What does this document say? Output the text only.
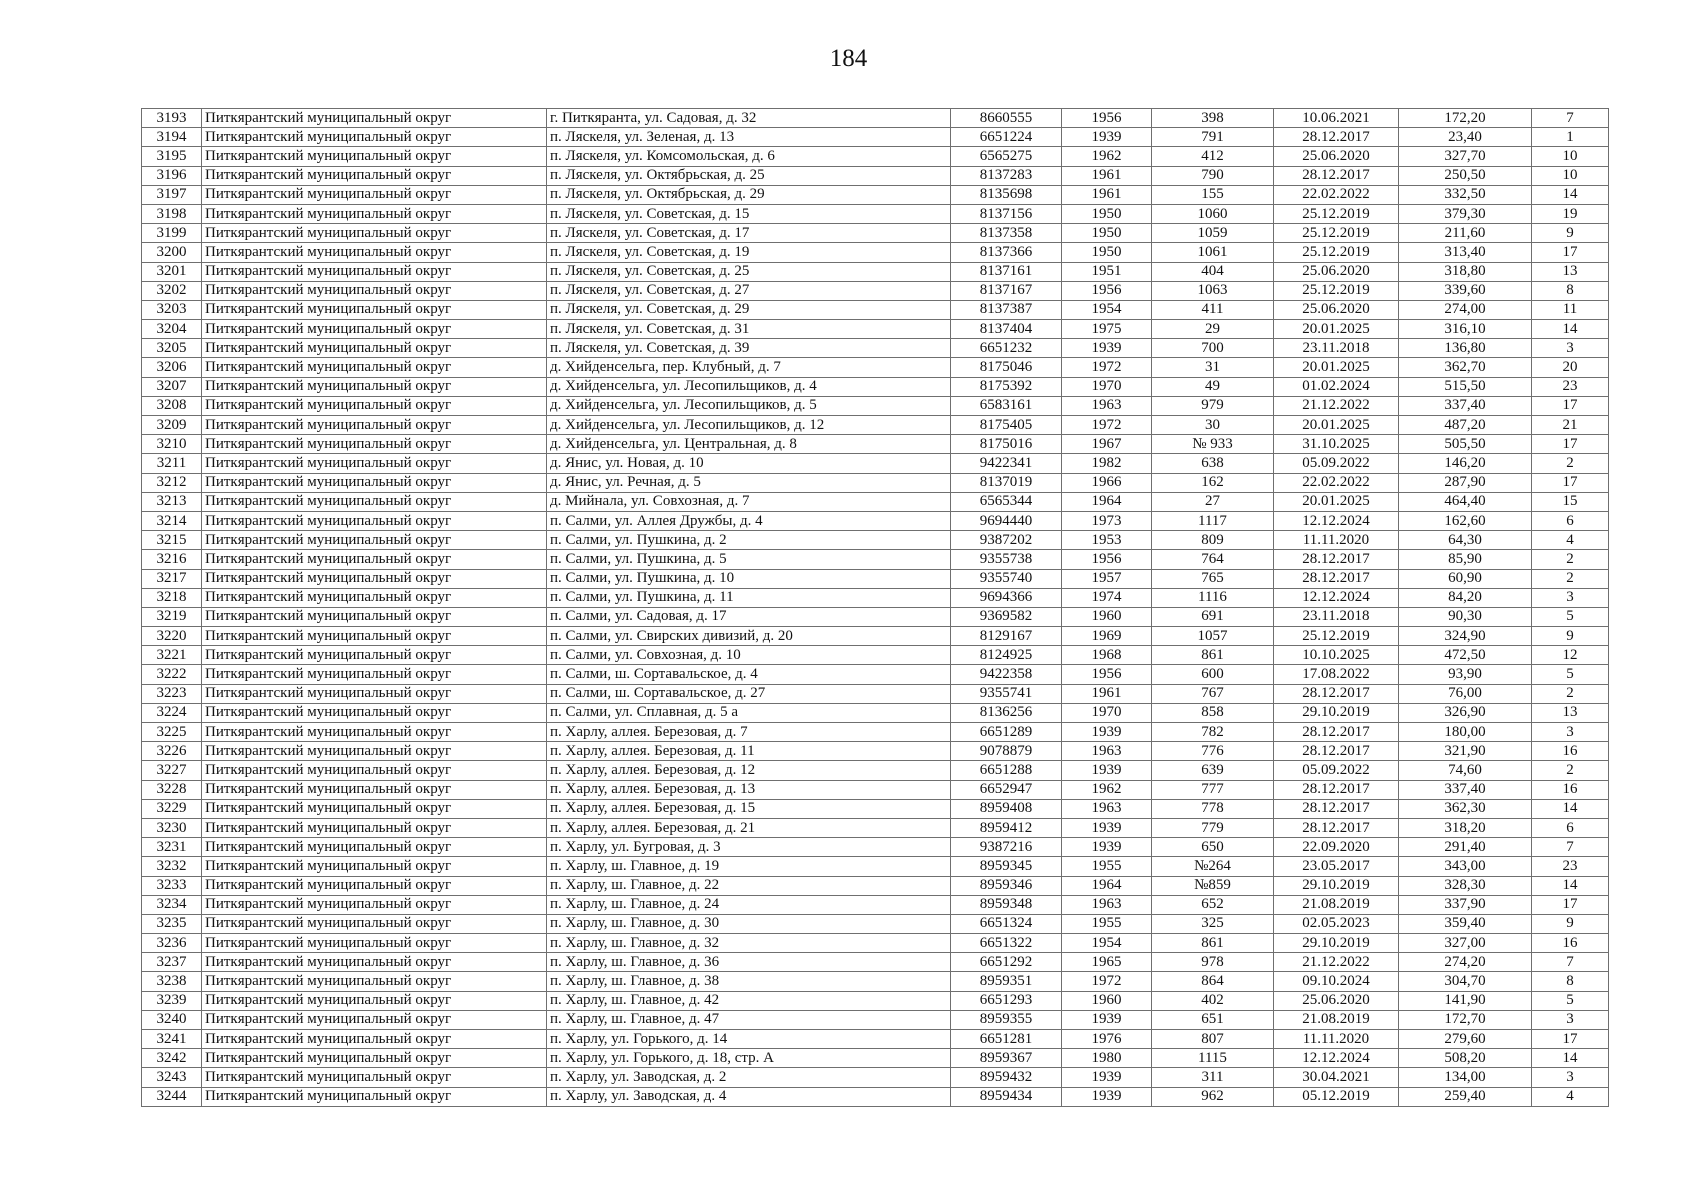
184
3193	Питкярантский муниципальный округ	г. Питкяранта, ул. Садовая, д. 32	8660555	1956	398	10.06.2021	172,20	7
3194	Питкярантский муниципальный округ	п. Ляскеля, ул. Зеленая, д. 13	6651224	1939	791	28.12.2017	23,40	1
3195	Питкярантский муниципальный округ	п. Ляскеля, ул. Комсомольская, д. 6	6565275	1962	412	25.06.2020	327,70	10
3196	Питкярантский муниципальный округ	п. Ляскеля, ул. Октябрьская, д. 25	8137283	1961	790	28.12.2017	250,50	10
3197	Питкярантский муниципальный округ	п. Ляскеля, ул. Октябрьская, д. 29	8135698	1961	155	22.02.2022	332,50	14
3198	Питкярантский муниципальный округ	п. Ляскеля, ул. Советская, д. 15	8137156	1950	1060	25.12.2019	379,30	19
3199	Питкярантский муниципальный округ	п. Ляскеля, ул. Советская, д. 17	8137358	1950	1059	25.12.2019	211,60	9
3200	Питкярантский муниципальный округ	п. Ляскеля, ул. Советская, д. 19	8137366	1950	1061	25.12.2019	313,40	17
3201	Питкярантский муниципальный округ	п. Ляскеля, ул. Советская, д. 25	8137161	1951	404	25.06.2020	318,80	13
3202	Питкярантский муниципальный округ	п. Ляскеля, ул. Советская, д. 27	8137167	1956	1063	25.12.2019	339,60	8
3203	Питкярантский муниципальный округ	п. Ляскеля, ул. Советская, д. 29	8137387	1954	411	25.06.2020	274,00	11
3204	Питкярантский муниципальный округ	п. Ляскеля, ул. Советская, д. 31	8137404	1975	29	20.01.2025	316,10	14
3205	Питкярантский муниципальный округ	п. Ляскеля, ул. Советская, д. 39	6651232	1939	700	23.11.2018	136,80	3
3206	Питкярантский муниципальный округ	д. Хийденсельга, пер. Клубный, д. 7	8175046	1972	31	20.01.2025	362,70	20
3207	Питкярантский муниципальный округ	д. Хийденсельга, ул. Лесопильщиков, д. 4	8175392	1970	49	01.02.2024	515,50	23
3208	Питкярантский муниципальный округ	д. Хийденсельга, ул. Лесопильщиков, д. 5	6583161	1963	979	21.12.2022	337,40	17
3209	Питкярантский муниципальный округ	д. Хийденсельга, ул. Лесопильщиков, д. 12	8175405	1972	30	20.01.2025	487,20	21
3210	Питкярантский муниципальный округ	д. Хийденсельга, ул. Центральная, д. 8	8175016	1967	№ 933	31.10.2025	505,50	17
3211	Питкярантский муниципальный округ	д. Янис, ул. Новая, д. 10	9422341	1982	638	05.09.2022	146,20	2
3212	Питкярантский муниципальный округ	д. Янис, ул. Речная, д. 5	8137019	1966	162	22.02.2022	287,90	17
3213	Питкярантский муниципальный округ	д. Мийнала, ул. Совхозная, д. 7	6565344	1964	27	20.01.2025	464,40	15
3214	Питкярантский муниципальный округ	п. Салми, ул. Аллея Дружбы, д. 4	9694440	1973	1117	12.12.2024	162,60	6
3215	Питкярантский муниципальный округ	п. Салми, ул. Пушкина, д. 2	9387202	1953	809	11.11.2020	64,30	4
3216	Питкярантский муниципальный округ	п. Салми, ул. Пушкина, д. 5	9355738	1956	764	28.12.2017	85,90	2
3217	Питкярантский муниципальный округ	п. Салми, ул. Пушкина, д. 10	9355740	1957	765	28.12.2017	60,90	2
3218	Питкярантский муниципальный округ	п. Салми, ул. Пушкина, д. 11	9694366	1974	1116	12.12.2024	84,20	3
3219	Питкярантский муниципальный округ	п. Салми, ул. Садовая, д. 17	9369582	1960	691	23.11.2018	90,30	5
3220	Питкярантский муниципальный округ	п. Салми, ул. Свирских дивизий, д. 20	8129167	1969	1057	25.12.2019	324,90	9
3221	Питкярантский муниципальный округ	п. Салми, ул. Совхозная, д. 10	8124925	1968	861	10.10.2025	472,50	12
3222	Питкярантский муниципальный округ	п. Салми, ш. Сортавальское, д. 4	9422358	1956	600	17.08.2022	93,90	5
3223	Питкярантский муниципальный округ	п. Салми, ш. Сортавальское, д. 27	9355741	1961	767	28.12.2017	76,00	2
3224	Питкярантский муниципальный округ	п. Салми, ул. Сплавная, д. 5 а	8136256	1970	858	29.10.2019	326,90	13
3225	Питкярантский муниципальный округ	п. Харлу, аллея. Березовая, д. 7	6651289	1939	782	28.12.2017	180,00	3
3226	Питкярантский муниципальный округ	п. Харлу, аллея. Березовая, д. 11	9078879	1963	776	28.12.2017	321,90	16
3227	Питкярантский муниципальный округ	п. Харлу, аллея. Березовая, д. 12	6651288	1939	639	05.09.2022	74,60	2
3228	Питкярантский муниципальный округ	п. Харлу, аллея. Березовая, д. 13	6652947	1962	777	28.12.2017	337,40	16
3229	Питкярантский муниципальный округ	п. Харлу, аллея. Березовая, д. 15	8959408	1963	778	28.12.2017	362,30	14
3230	Питкярантский муниципальный округ	п. Харлу, аллея. Березовая, д. 21	8959412	1939	779	28.12.2017	318,20	6
3231	Питкярантский муниципальный округ	п. Харлу, ул. Бугровая, д. 3	9387216	1939	650	22.09.2020	291,40	7
3232	Питкярантский муниципальный округ	п. Харлу, ш. Главное, д. 19	8959345	1955	№264	23.05.2017	343,00	23
3233	Питкярантский муниципальный округ	п. Харлу, ш. Главное, д. 22	8959346	1964	№859	29.10.2019	328,30	14
3234	Питкярантский муниципальный округ	п. Харлу, ш. Главное, д. 24	8959348	1963	652	21.08.2019	337,90	17
3235	Питкярантский муниципальный округ	п. Харлу, ш. Главное, д. 30	6651324	1955	325	02.05.2023	359,40	9
3236	Питкярантский муниципальный округ	п. Харлу, ш. Главное, д. 32	6651322	1954	861	29.10.2019	327,00	16
3237	Питкярантский муниципальный округ	п. Харлу, ш. Главное, д. 36	6651292	1965	978	21.12.2022	274,20	7
3238	Питкярантский муниципальный округ	п. Харлу, ш. Главное, д. 38	8959351	1972	864	09.10.2024	304,70	8
3239	Питкярантский муниципальный округ	п. Харлу, ш. Главное, д. 42	6651293	1960	402	25.06.2020	141,90	5
3240	Питкярантский муниципальный округ	п. Харлу, ш. Главное, д. 47	8959355	1939	651	21.08.2019	172,70	3
3241	Питкярантский муниципальный округ	п. Харлу, ул. Горького, д. 14	6651281	1976	807	11.11.2020	279,60	17
3242	Питкярантский муниципальный округ	п. Харлу, ул. Горького, д. 18, стр. А	8959367	1980	1115	12.12.2024	508,20	14
3243	Питкярантский муниципальный округ	п. Харлу, ул. Заводская, д. 2	8959432	1939	311	30.04.2021	134,00	3
3244	Питкярантский муниципальный округ	п. Харлу, ул. Заводская, д. 4	8959434	1939	962	05.12.2019	259,40	4
